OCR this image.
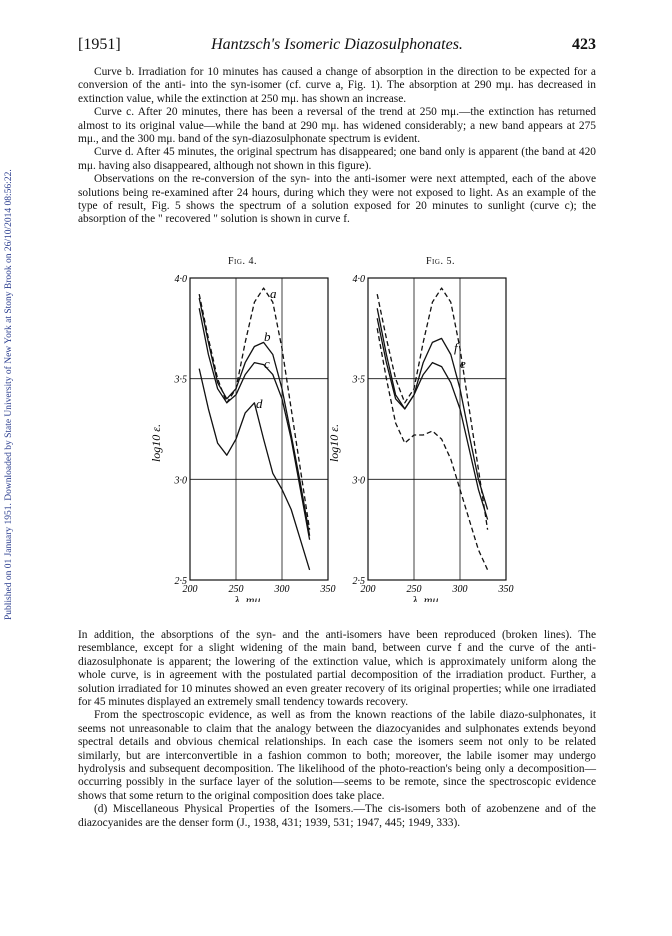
Published on 01 January 1951. Downloaded by State University of New York at Stony Brook on 26/10/2014 08:56:22.
[1951]	Hantzsch's Isomeric Diazosulphonates.	423

Curve b. Irradiation for 10 minutes has caused a change of absorption in the direction to be expected for a conversion of the anti- into the syn-isomer (cf. curve a, Fig. 1). The absorption at 290 mμ. has decreased in extinction value, while the extinction at 250 mμ. has shown an increase.

Curve c. After 20 minutes, there has been a reversal of the trend at 250 mμ.—the extinction has returned almost to its original value—while the band at 290 mμ. has widened considerably; a new band appears at 275 mμ., and the 300 mμ. band of the syn-diazosulphonate spectrum is evident.

Curve d. After 45 minutes, the original spectrum has disappeared; one band only is apparent (the band at 420 mμ. having also disappeared, although not shown in this figure).

Observations on the re-conversion of the syn- into the anti-isomer were next attempted, each of the above solutions being re-examined after 24 hours, during which they were not exposed to light. As an example of the type of result, Fig. 5 shows the spectrum of a solution exposed for 20 minutes to sunlight (curve c); the absorption of the " recovered " solution is shown in curve f.

Fig. 4.	Fig. 5.
200	250	300	350
2·5
3·0
3·5
4·0
λ, mμ.
log10 ε.
a
b
c
d
200	250	300	350
2·5
3·0
3·5
4·0
λ, mμ.
log10 ε.
f
e

In addition, the absorptions of the syn- and the anti-isomers have been reproduced (broken lines). The resemblance, except for a slight widening of the main band, between curve f and the curve of the anti-diazosulphonate is apparent; the lowering of the extinction value, which is approximately uniform along the whole curve, is in agreement with the postulated partial decomposition of the irradiation product. Further, a solution irradiated for 10 minutes showed an even greater recovery of its original properties; while one irradiated for 45 minutes displayed an extremely small tendency towards recovery.

From the spectroscopic evidence, as well as from the known reactions of the labile diazo-sulphonates, it seems not unreasonable to claim that the analogy between the diazocyanides and sulphonates extends beyond spectral details and obvious chemical relationships. In each case the isomers seem not only to be related similarly, but are interconvertible in a fashion common to both; moreover, the labile isomer may undergo hydrolysis and subsequent decomposition. The likelihood of the photo-reaction's being only a decomposition—occurring possibly in the surface layer of the solution—seems to be remote, since the spectroscopic evidence shows that some return to the original composition does take place.

(d) Miscellaneous Physical Properties of the Isomers.—The cis-isomers both of azobenzene and of the diazocyanides are the denser form (J., 1938, 431; 1939, 531; 1947, 445; 1949, 333).
